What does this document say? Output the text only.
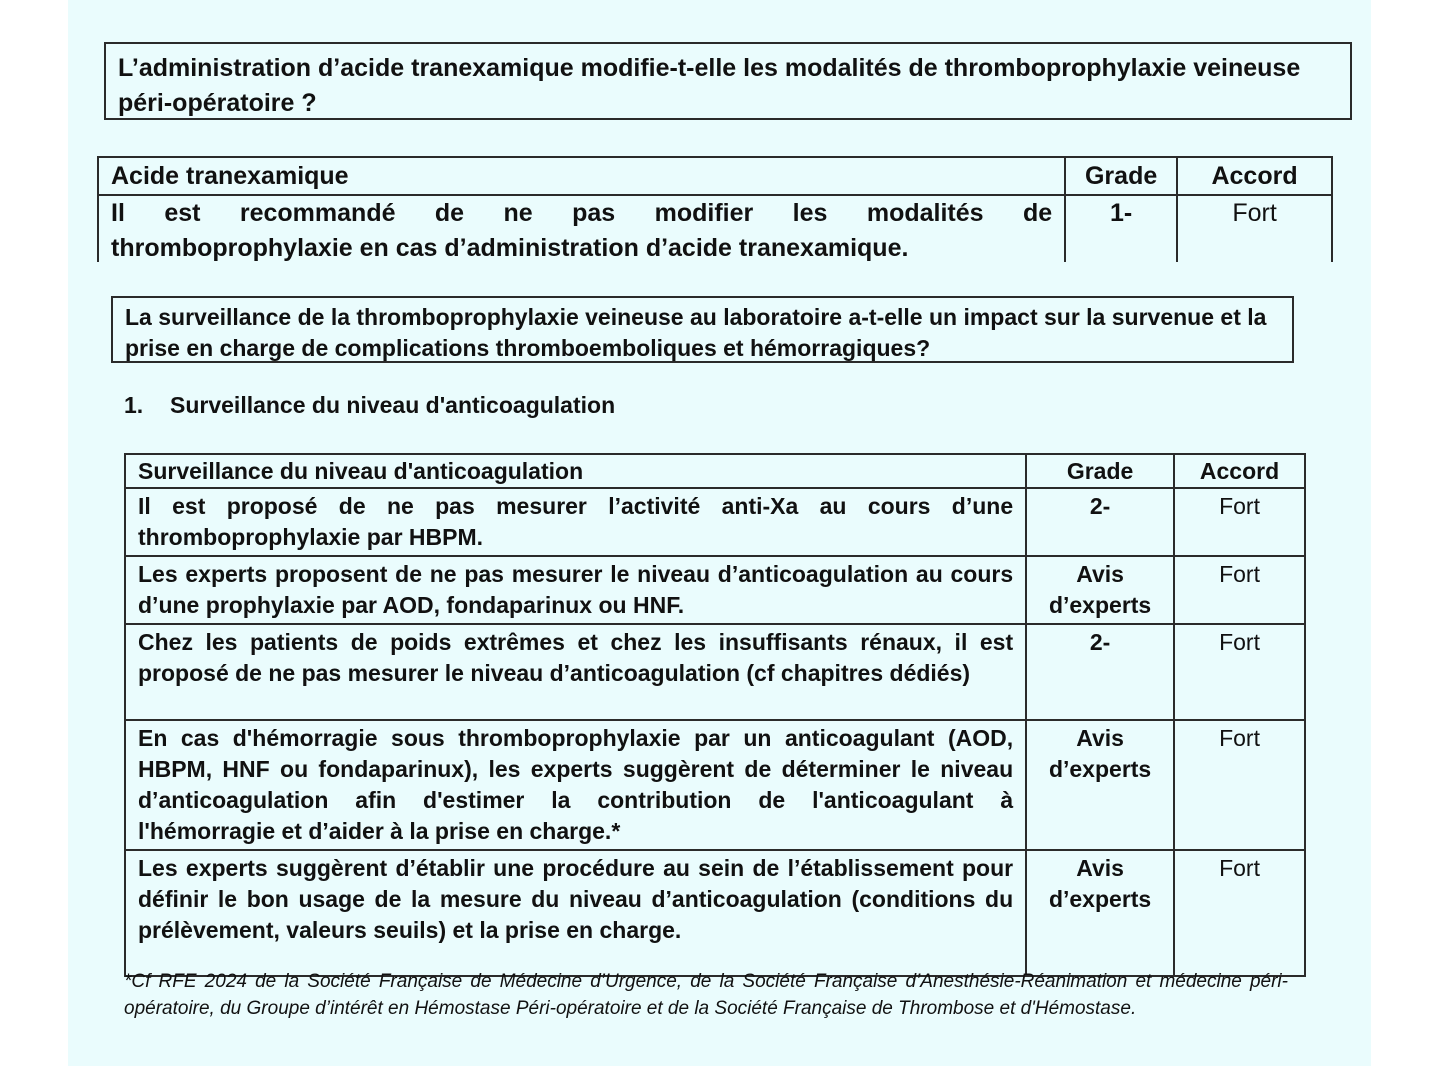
L’administration d’acide tranexamique modifie-t-elle les modalités de thromboprophylaxie veineuse péri-opératoire ?
Acide tranexamique	Grade	Accord

Il est recommandé de ne pas modifier les modalités de
thromboprophylaxie en cas d’administration d’acide tranexamique.	1-	Fort
La surveillance de la thromboprophylaxie veineuse au laboratoire a-t-elle un impact sur la survenue et la prise en charge de complications thromboemboliques et hémorragiques?
1. Surveillance du niveau d'anticoagulation
Surveillance du niveau d'anticoagulation	Grade	Accord
Il est proposé de ne pas mesurer l’activité anti-Xa au cours d’une thromboprophylaxie par HBPM.	2-	Fort
Les experts proposent de ne pas mesurer le niveau d’anticoagulation au cours d’une prophylaxie par AOD, fondaparinux ou HNF.	Avis d’experts	Fort
Chez les patients de poids extrêmes et chez les insuffisants rénaux, il est proposé de ne pas mesurer le niveau d’anticoagulation (cf chapitres dédiés)	2-	Fort
En cas d'hémorragie sous thromboprophylaxie par un anticoagulant (AOD, HBPM, HNF ou fondaparinux), les experts suggèrent de déterminer le niveau d’anticoagulation afin d'estimer la contribution de l'anticoagulant à l'hémorragie et d’aider à la prise en charge.*	Avis d’experts	Fort
Les experts suggèrent d’établir une procédure au sein de l’établissement pour définir le bon usage de la mesure du niveau d’anticoagulation (conditions du prélèvement, valeurs seuils) et la prise en charge.	Avis d’experts	Fort
*Cf RFE 2024 de la Société Française de Médecine d’Urgence, de la Société Française d’Anesthésie-Réanimation et médecine péri-opératoire, du Groupe d’intérêt en Hémostase Péri-opératoire et de la Société Française de Thrombose et d'Hémostase.
